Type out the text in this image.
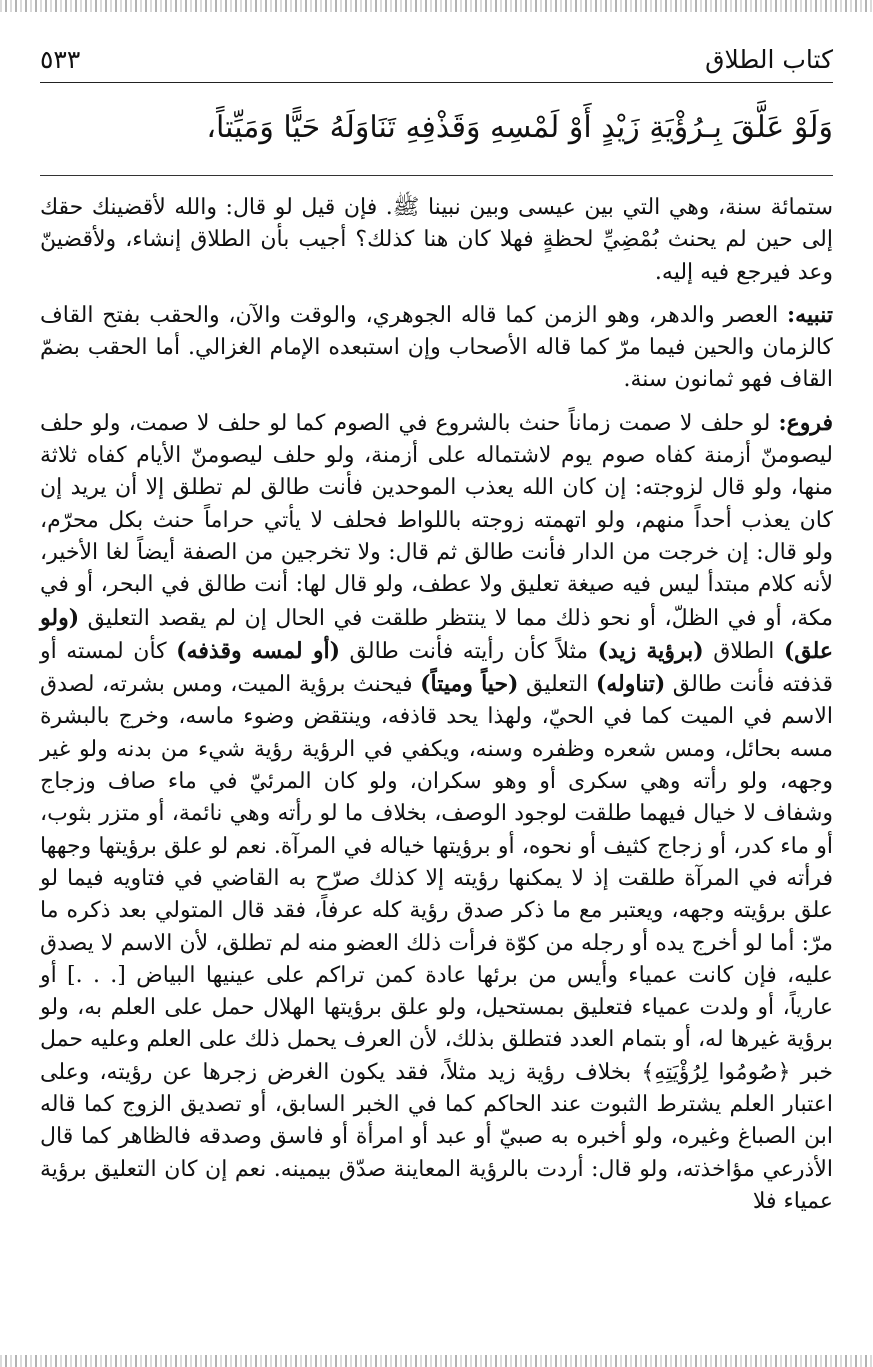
كتاب الطلاق
٥٣٣
وَلَوْ عَلَّقَ بِـرُؤْيَةِ زَيْدٍ أَوْ لَمْسِهِ وَقَذْفِهِ تَنَاوَلَهُ حَيًّا وَمَيِّتاً،

ستمائة سنة، وهي التي بين عيسى وبين نبينا ﷺ. فإن قيل لو قال: والله لأقضينك حقك إلى حين لم يحنث بُمْضِيِّ لحظةٍ فهلا كان هنا كذلك؟ أجيب بأن الطلاق إنشاء، ولأقضينّ وعد فيرجع فيه إليه.

تنبيه: العصر والدهر، وهو الزمن كما قاله الجوهري، والوقت والآن، والحقب بفتح القاف كالزمان والحين فيما مرّ كما قاله الأصحاب وإن استبعده الإمام الغزالي. أما الحقب بضمّ القاف فهو ثمانون سنة.

فروع: لو حلف لا صمت زماناً حنث بالشروع في الصوم كما لو حلف لا صمت، ولو حلف ليصومنّ أزمنة كفاه صوم يوم لاشتماله على أزمنة، ولو حلف ليصومنّ الأيام كفاه ثلاثة منها، ولو قال لزوجته: إن كان الله يعذب الموحدين فأنت طالق لم تطلق إلا أن يريد إن كان يعذب أحداً منهم، ولو اتهمته زوجته باللواط فحلف لا يأتي حراماً حنث بكل محرّم، ولو قال: إن خرجت من الدار فأنت طالق ثم قال: ولا تخرجين من الصفة أيضاً لغا الأخير، لأنه كلام مبتدأ ليس فيه صيغة تعليق ولا عطف، ولو قال لها: أنت طالق في البحر، أو في مكة، أو في الظلّ، أو نحو ذلك مما لا ينتظر طلقت في الحال إن لم يقصد التعليق (ولو علق) الطلاق (برؤية زيد) مثلاً كأن رأيته فأنت طالق (أو لمسه وقذفه) كأن لمسته أو قذفته فأنت طالق (تناوله) التعليق (حياً وميتاً) فيحنث برؤية الميت، ومس بشرته، لصدق الاسم في الميت كما في الحيّ، ولهذا يحد قاذفه، وينتقض وضوء ماسه، وخرج بالبشرة مسه بحائل، ومس شعره وظفره وسنه، ويكفي في الرؤية رؤية شيء من بدنه ولو غير وجهه، ولو رأته وهي سكرى أو وهو سكران، ولو كان المرئيّ في ماء صاف وزجاج وشفاف لا خيال فيهما طلقت لوجود الوصف، بخلاف ما لو رأته وهي نائمة، أو متزر بثوب، أو ماء كدر، أو زجاج كثيف أو نحوه، أو برؤيتها خياله في المرآة. نعم لو علق برؤيتها وجهها فرأته في المرآة طلقت إذ لا يمكنها رؤيته إلا كذلك صرّح به القاضي في فتاويه فيما لو علق برؤيته وجهه، ويعتبر مع ما ذكر صدق رؤية كله عرفاً، فقد قال المتولي بعد ذكره ما مرّ: أما لو أخرج يده أو رجله من كوّة فرأت ذلك العضو منه لم تطلق، لأن الاسم لا يصدق عليه، فإن كانت عمياء وأيس من برئها عادة كمن تراكم على عينيها البياض [. . .] أو عارياً، أو ولدت عمياء فتعليق بمستحيل، ولو علق برؤيتها الهلال حمل على العلم به، ولو برؤية غيرها له، أو بتمام العدد فتطلق بذلك، لأن العرف يحمل ذلك على العلم وعليه حمل خبر ﴿صُومُوا لِرُؤْيَتِهِ﴾ بخلاف رؤية زيد مثلاً، فقد يكون الغرض زجرها عن رؤيته، وعلى اعتبار العلم يشترط الثبوت عند الحاكم كما في الخبر السابق، أو تصديق الزوج كما قاله ابن الصباغ وغيره، ولو أخبره به صبيّ أو عبد أو امرأة أو فاسق وصدقه فالظاهر كما قال الأذرعي مؤاخذته، ولو قال: أردت بالرؤية المعاينة صدّق بيمينه. نعم إن كان التعليق برؤية عمياء فلا
